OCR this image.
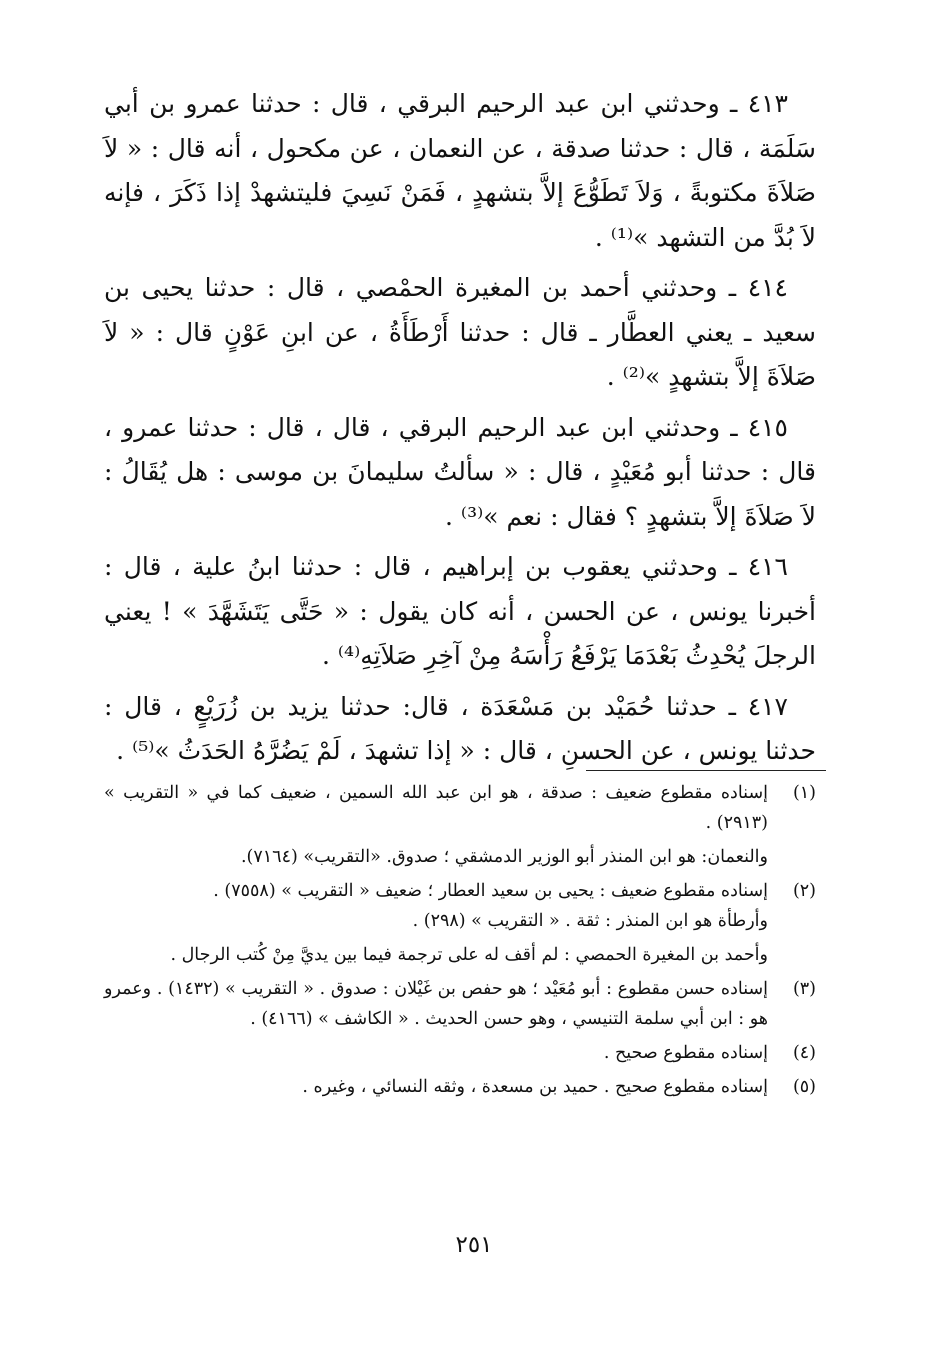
٤١٣ ـ وحدثني ابن عبد الرحيم البرقي ، قال : حدثنا عمرو بن أبي سَلَمَة ، قال : حدثنا صدقة ، عن النعمان ، عن مكحول ، أنه قال : « لاَ صَلاَةَ مكتوبةً ، وَلاَ تَطَوُّعَ إلاَّ بتشهدٍ ، فَمَنْ نَسِيَ فليتشهدْ إذا ذَكَرَ ، فإنه لاَ بُدَّ من التشهد »⁽¹⁾ .

٤١٤ ـ وحدثني أحمد بن المغيرة الحمْصي ، قال : حدثنا يحيى بن سعيد ـ يعني العطَّار ـ قال : حدثنا أَرْطَأَةُ ، عن ابنِ عَوْنٍ قال : « لاَ صَلاَةَ إلاَّ بتشهدٍ »⁽²⁾ .

٤١٥ ـ وحدثني ابن عبد الرحيم البرقي ، قال ، قال : حدثنا عمرو ، قال : حدثنا أبو مُعَيْدٍ ، قال : « سألتُ سليمانَ بن موسى : هل يُقَالُ : لاَ صَلاَةَ إلاَّ بتشهدٍ ؟ فقال : نعم »⁽³⁾ .

٤١٦ ـ وحدثني يعقوب بن إبراهيم ، قال : حدثنا ابنُ علية ، قال : أخبرنا يونس ، عن الحسن ، أنه كان يقول : « حَتَّى يَتَشَهَّدَ » ! يعني الرجلَ يُحْدِثُ بَعْدَمَا يَرْفَعُ رَأْسَهُ مِنْ آخِرِ صَلاَتِهِ⁽⁴⁾ .

٤١٧ ـ حدثنا حُمَيْد بن مَسْعَدَة ، قال: حدثنا يزيد بن زُرَيْعٍ ، قال : حدثنا يونس ، عن الحسنِ ، قال : « إذا تشهدَ ، لَمْ يَضُرَّهُ الحَدَثُ »⁽⁵⁾ .

(١)

إسناده مقطوع ضعيف : صدقة ، هو ابن عبد الله السمين ، ضعيف كما في « التقريب » (٢٩١٣) .

والنعمان: هو ابن المنذر أبو الوزير الدمشقي ؛ صدوق. «التقريب» (٧١٦٤).

(٢)

إسناده مقطوع ضعيف : يحيى بن سعيد العطار ؛ ضعيف « التقريب » (٧٥٥٨) .

وأرطأة هو ابن المنذر : ثقة . « التقريب » (٢٩٨) .

وأحمد بن المغيرة الحمصي : لم أقف له على ترجمة فيما بين يديَّ مِنْ كُتب الرجال .

(٣)

إسناده حسن مقطوع : أبو مُعَيْد ؛ هو حفص بن غَيْلان : صدوق . « التقريب » (١٤٣٢) . وعمرو هو : ابن أبي سلمة التنيسي ، وهو حسن الحديث . « الكاشف » (٤١٦٦) .

(٤)

إسناده مقطوع صحيح .

(٥)

إسناده مقطوع صحيح . حميد بن مسعدة ، وثقه النسائي ، وغيره .

٢٥١
